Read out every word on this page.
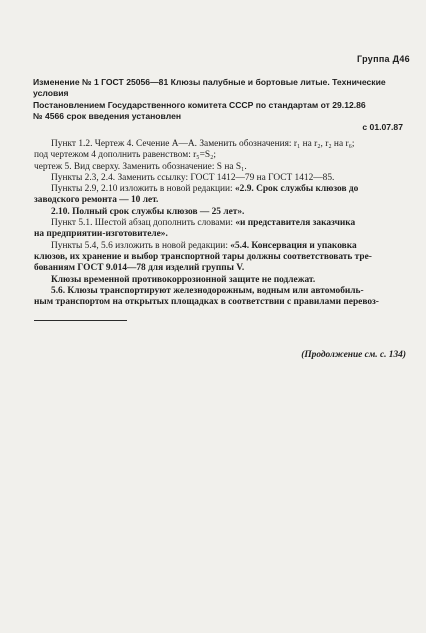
Группа Д46
Изменение № 1 ГОСТ 25056—81 Клюзы палубные и бортовые литые. Технические
условия
Постановлением Государственного комитета СССР по стандартам от 29.12.86
№ 4566 срок введения установлен
с 01.07.87
Пункт 1.2. Чертеж 4. Сечение А—А. Заменить обозначения: r₁ на r₂, r₂ на r₆;
под чертежом 4 дополнить равенством: r₅=S₂;
чертеж 5. Вид сверху. Заменить обозначение: S на S₁.
Пункты 2.3, 2.4. Заменить ссылку: ГОСТ 1412—79 на ГОСТ 1412—85.
Пункты 2.9, 2.10 изложить в новой редакции: «2.9. Срок службы клюзов до
заводского ремонта — 10 лет.
2.10. Полный срок службы клюзов — 25 лет».
Пункт 5.1. Шестой абзац дополнить словами: «и представителя заказчика
на предприятии-изготовителе».
Пункты 5.4, 5.6 изложить в новой редакции: «5.4. Консервация и упаковка
клюзов, их хранение и выбор транспортной тары должны соответствовать тре-
бованиям ГОСТ 9.014—78 для изделий группы V.
Клюзы временной противокоррозионной защите не подлежат.
5.6. Клюзы транспортируют железнодорожным, водным или автомобиль-
ным транспортом на открытых площадках в соответствии с правилами перевоз-
(Продолжение см. с. 134)
